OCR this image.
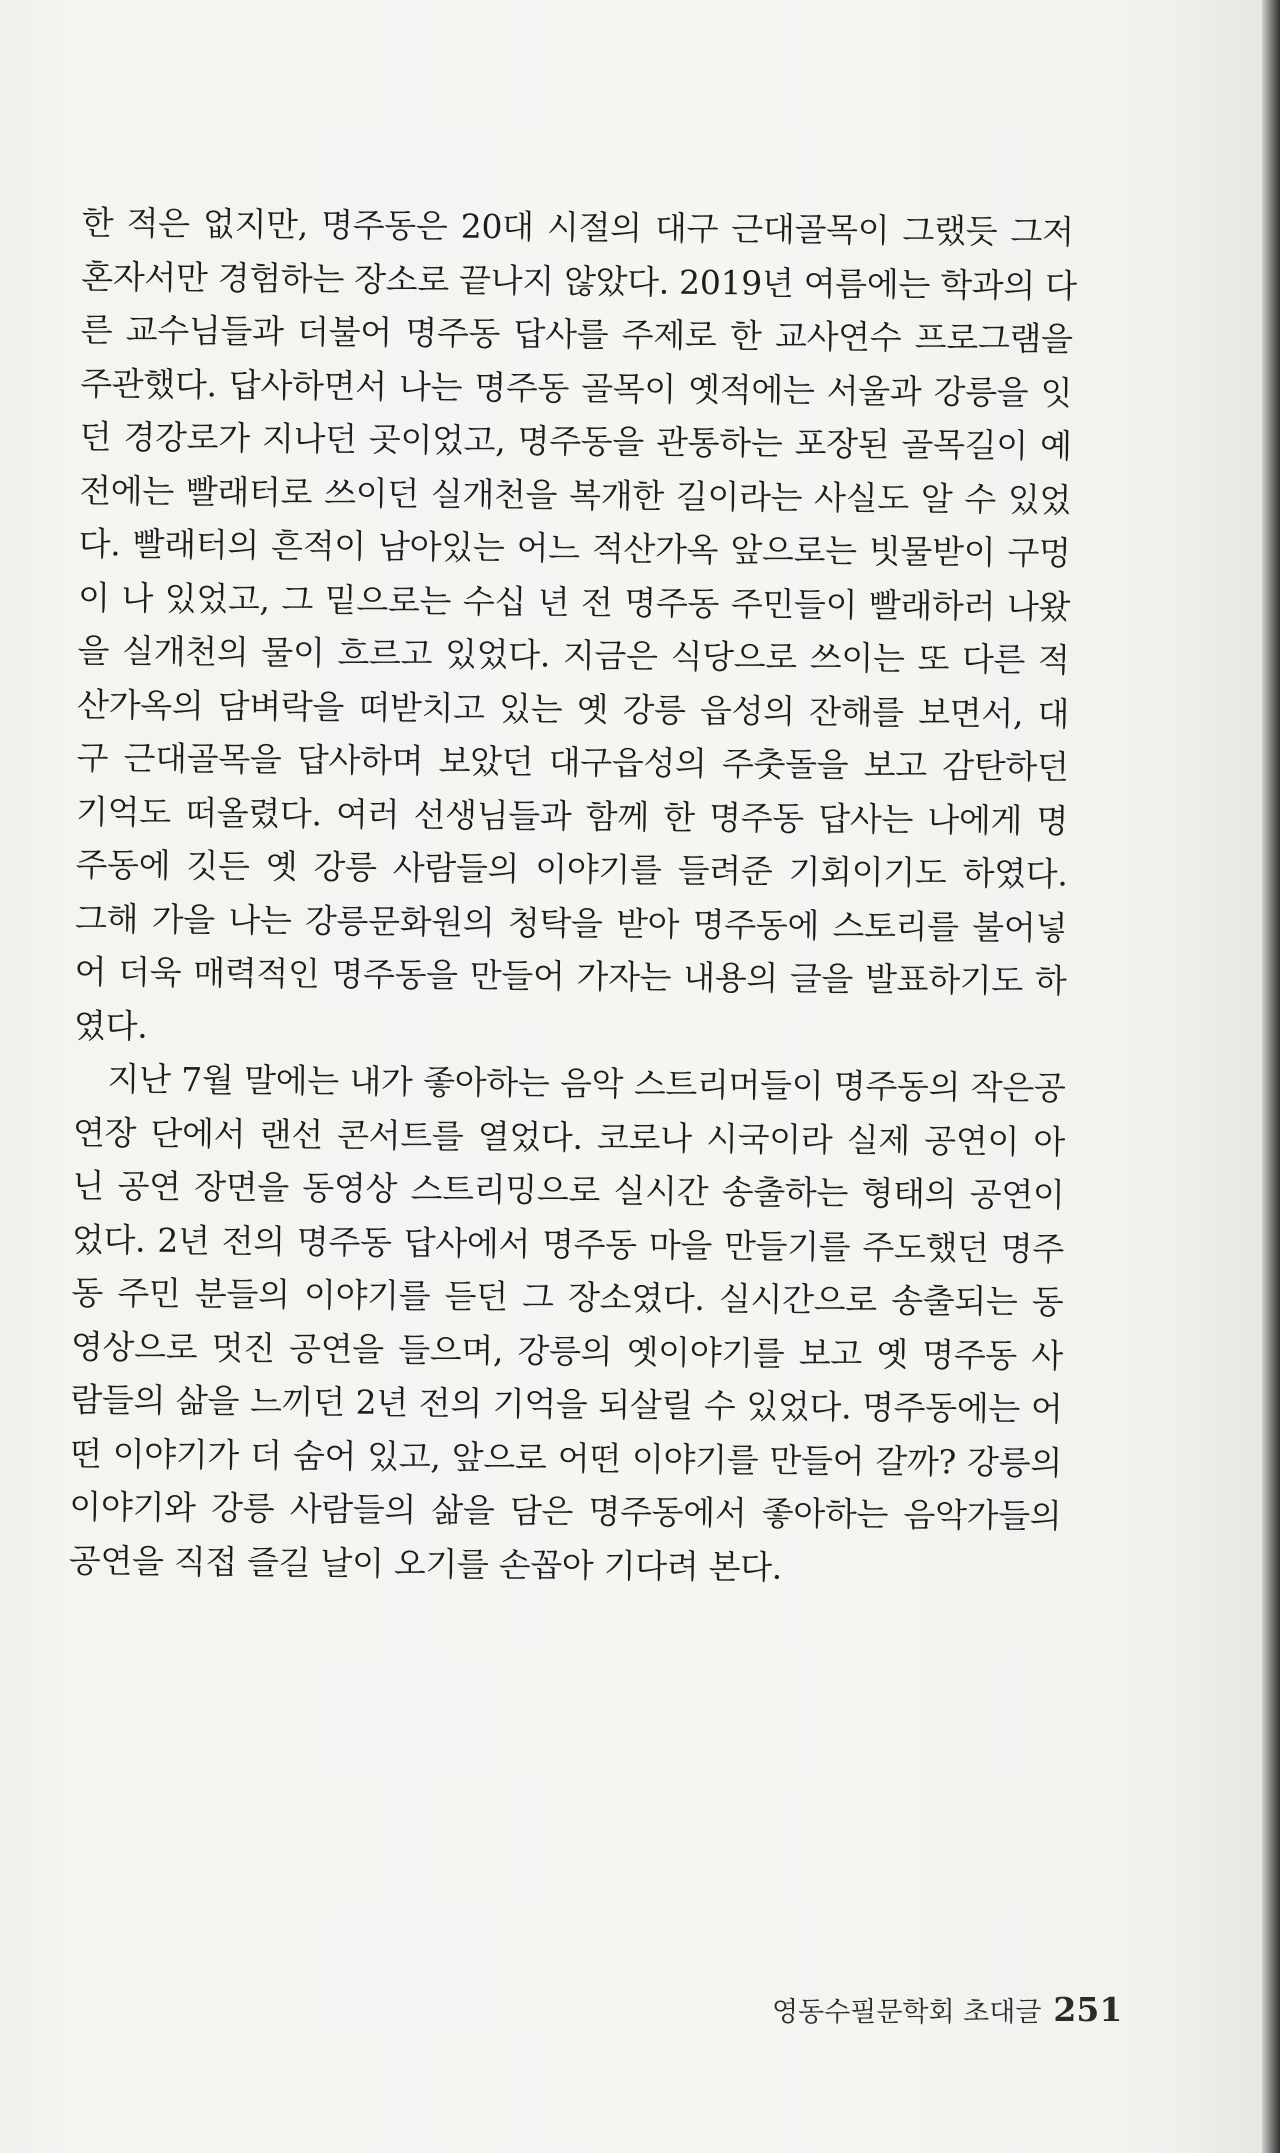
한 적은 없지만, 명주동은 20대 시절의 대구 근대골목이 그랬듯 그저
혼자서만 경험하는 장소로 끝나지 않았다. 2019년 여름에는 학과의 다
른 교수님들과 더불어 명주동 답사를 주제로 한 교사연수 프로그램을
주관했다. 답사하면서 나는 명주동 골목이 옛적에는 서울과 강릉을 잇
던 경강로가 지나던 곳이었고, 명주동을 관통하는 포장된 골목길이 예
전에는 빨래터로 쓰이던 실개천을 복개한 길이라는 사실도 알 수 있었
다. 빨래터의 흔적이 남아있는 어느 적산가옥 앞으로는 빗물받이 구멍
이 나 있었고, 그 밑으로는 수십 년 전 명주동 주민들이 빨래하러 나왔
을 실개천의 물이 흐르고 있었다. 지금은 식당으로 쓰이는 또 다른 적
산가옥의 담벼락을 떠받치고 있는 옛 강릉 읍성의 잔해를 보면서, 대
구 근대골목을 답사하며 보았던 대구읍성의 주춧돌을 보고 감탄하던
기억도 떠올렸다. 여러 선생님들과 함께 한 명주동 답사는 나에게 명
주동에 깃든 옛 강릉 사람들의 이야기를 들려준 기회이기도 하였다.
그해 가을 나는 강릉문화원의 청탁을 받아 명주동에 스토리를 불어넣
어 더욱 매력적인 명주동을 만들어 가자는 내용의 글을 발표하기도 하
였다.
지난 7월 말에는 내가 좋아하는 음악 스트리머들이 명주동의 작은공
연장 단에서 랜선 콘서트를 열었다. 코로나 시국이라 실제 공연이 아
닌 공연 장면을 동영상 스트리밍으로 실시간 송출하는 형태의 공연이
었다. 2년 전의 명주동 답사에서 명주동 마을 만들기를 주도했던 명주
동 주민 분들의 이야기를 듣던 그 장소였다. 실시간으로 송출되는 동
영상으로 멋진 공연을 들으며, 강릉의 옛이야기를 보고 옛 명주동 사
람들의 삶을 느끼던 2년 전의 기억을 되살릴 수 있었다. 명주동에는 어
떤 이야기가 더 숨어 있고, 앞으로 어떤 이야기를 만들어 갈까? 강릉의
이야기와 강릉 사람들의 삶을 담은 명주동에서 좋아하는 음악가들의
공연을 직접 즐길 날이 오기를 손꼽아 기다려 본다.
영동수필문학회 초대글 251
